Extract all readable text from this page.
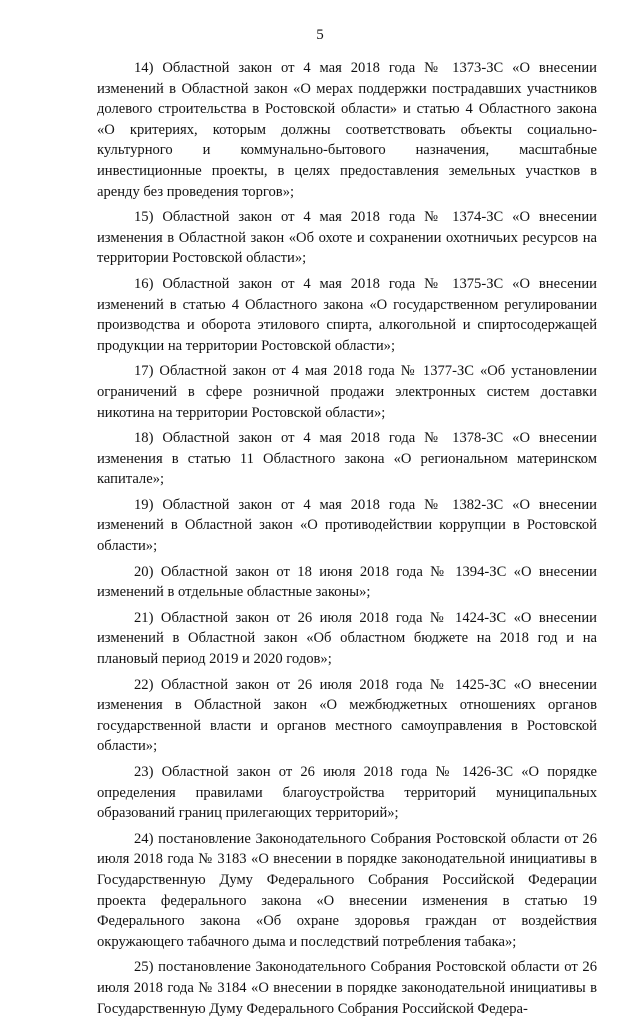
5

14) Областной закон от 4 мая 2018 года № 1373-ЗС «О внесении изменений в Областной закон «О мерах поддержки пострадавших участников долевого строительства в Ростовской области» и статью 4 Областного закона «О критериях, которым должны соответствовать объекты социально-культурного и коммунально-бытового назначения, масштабные инвестиционные проекты, в целях предоставления земельных участков в аренду без проведения торгов»;

15) Областной закон от 4 мая 2018 года № 1374-ЗС «О внесении изменения в Областной закон «Об охоте и сохранении охотничьих ресурсов на территории Ростовской области»;

16) Областной закон от 4 мая 2018 года № 1375-ЗС «О внесении изменений в статью 4 Областного закона «О государственном регулировании производства и оборота этилового спирта, алкогольной и спиртосодержащей продукции на территории Ростовской области»;

17) Областной закон от 4 мая 2018 года № 1377-ЗС «Об установлении ограничений в сфере розничной продажи электронных систем доставки никотина на территории Ростовской области»;

18) Областной закон от 4 мая 2018 года № 1378-ЗС «О внесении изменения в статью 11 Областного закона «О региональном материнском капитале»;

19) Областной закон от 4 мая 2018 года № 1382-ЗС «О внесении изменений в Областной закон «О противодействии коррупции в Ростовской области»;

20) Областной закон от 18 июня 2018 года № 1394-ЗС «О внесении изменений в отдельные областные законы»;

21) Областной закон от 26 июля 2018 года № 1424-ЗС «О внесении изменений в Областной закон «Об областном бюджете на 2018 год и на плановый период 2019 и 2020 годов»;

22) Областной закон от 26 июля 2018 года № 1425-ЗС «О внесении изменения в Областной закон «О межбюджетных отношениях органов государственной власти и органов местного самоуправления в Ростовской области»;

23) Областной закон от 26 июля 2018 года № 1426-ЗС «О порядке определения правилами благоустройства территорий муниципальных образований границ прилегающих территорий»;

24) постановление Законодательного Собрания Ростовской области от 26 июля 2018 года № 3183 «О внесении в порядке законодательной инициативы в Государственную Думу Федерального Собрания Российской Федерации проекта федерального закона «О внесении изменения в статью 19 Федерального закона «Об охране здоровья граждан от воздействия окружающего табачного дыма и последствий потребления табака»;

25) постановление Законодательного Собрания Ростовской области от 26 июля 2018 года № 3184 «О внесении в порядке законодательной инициативы в Государственную Думу Федерального Собрания Российской Федера-
